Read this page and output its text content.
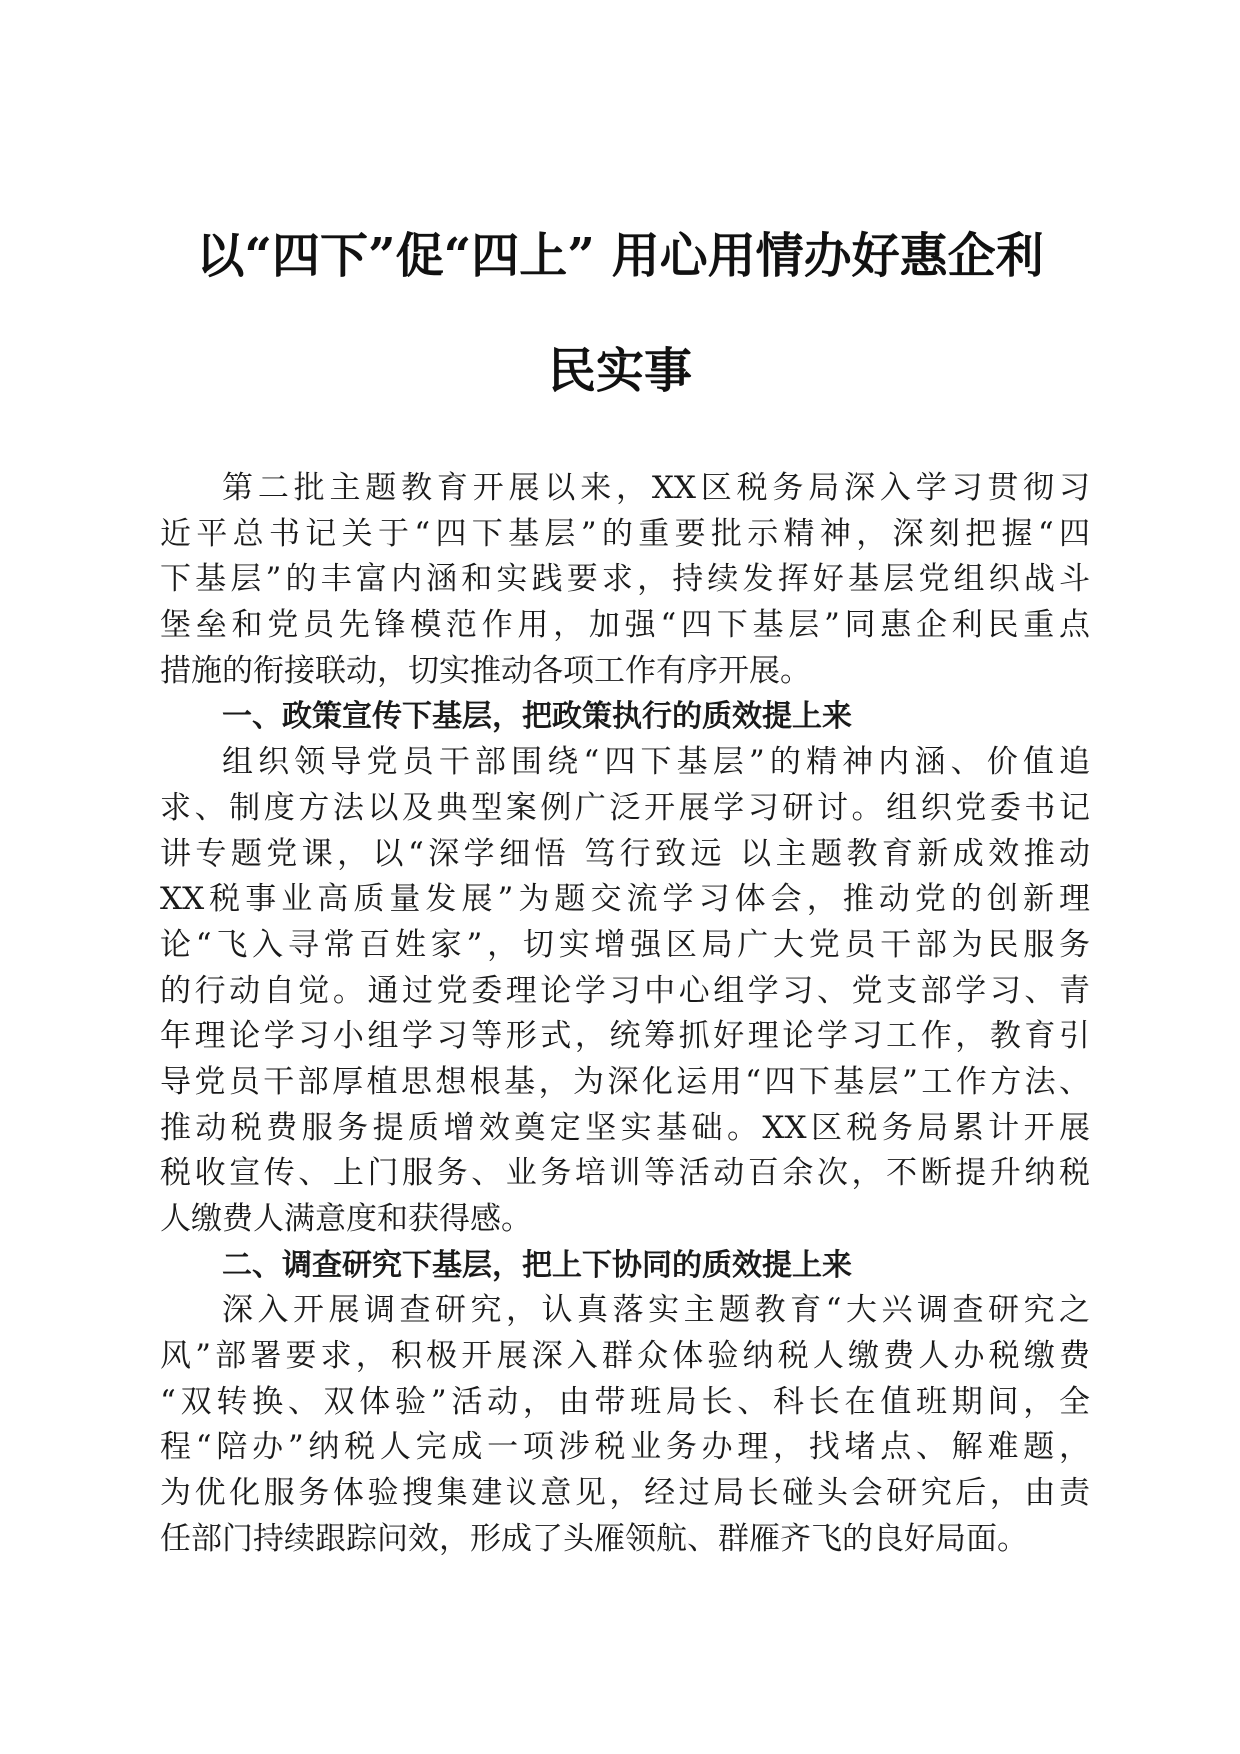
以“四下”促“四上” 用心用情办好惠企利
民实事
第二批主题教育开展以来，XX区税务局深入学习贯彻习
近平总书记关于“四下基层”的重要批示精神，深刻把握“四
下基层”的丰富内涵和实践要求，持续发挥好基层党组织战斗
堡垒和党员先锋模范作用，加强“四下基层”同惠企利民重点
措施的衔接联动，切实推动各项工作有序开展。
一、政策宣传下基层，把政策执行的质效提上来
组织领导党员干部围绕“四下基层”的精神内涵、价值追
求、制度方法以及典型案例广泛开展学习研讨。组织党委书记
讲专题党课，以“深学细悟 笃行致远 以主题教育新成效推动
XX税事业高质量发展”为题交流学习体会，推动党的创新理
论“飞入寻常百姓家”，切实增强区局广大党员干部为民服务
的行动自觉。通过党委理论学习中心组学习、党支部学习、青
年理论学习小组学习等形式，统筹抓好理论学习工作，教育引
导党员干部厚植思想根基，为深化运用“四下基层”工作方法、
推动税费服务提质增效奠定坚实基础。XX区税务局累计开展
税收宣传、上门服务、业务培训等活动百余次，不断提升纳税
人缴费人满意度和获得感。
二、调查研究下基层，把上下协同的质效提上来
深入开展调查研究，认真落实主题教育“大兴调查研究之
风”部署要求，积极开展深入群众体验纳税人缴费人办税缴费
“双转换、双体验”活动，由带班局长、科长在值班期间，全
程“陪办”纳税人完成一项涉税业务办理，找堵点、解难题，
为优化服务体验搜集建议意见，经过局长碰头会研究后，由责
任部门持续跟踪问效，形成了头雁领航、群雁齐飞的良好局面。
